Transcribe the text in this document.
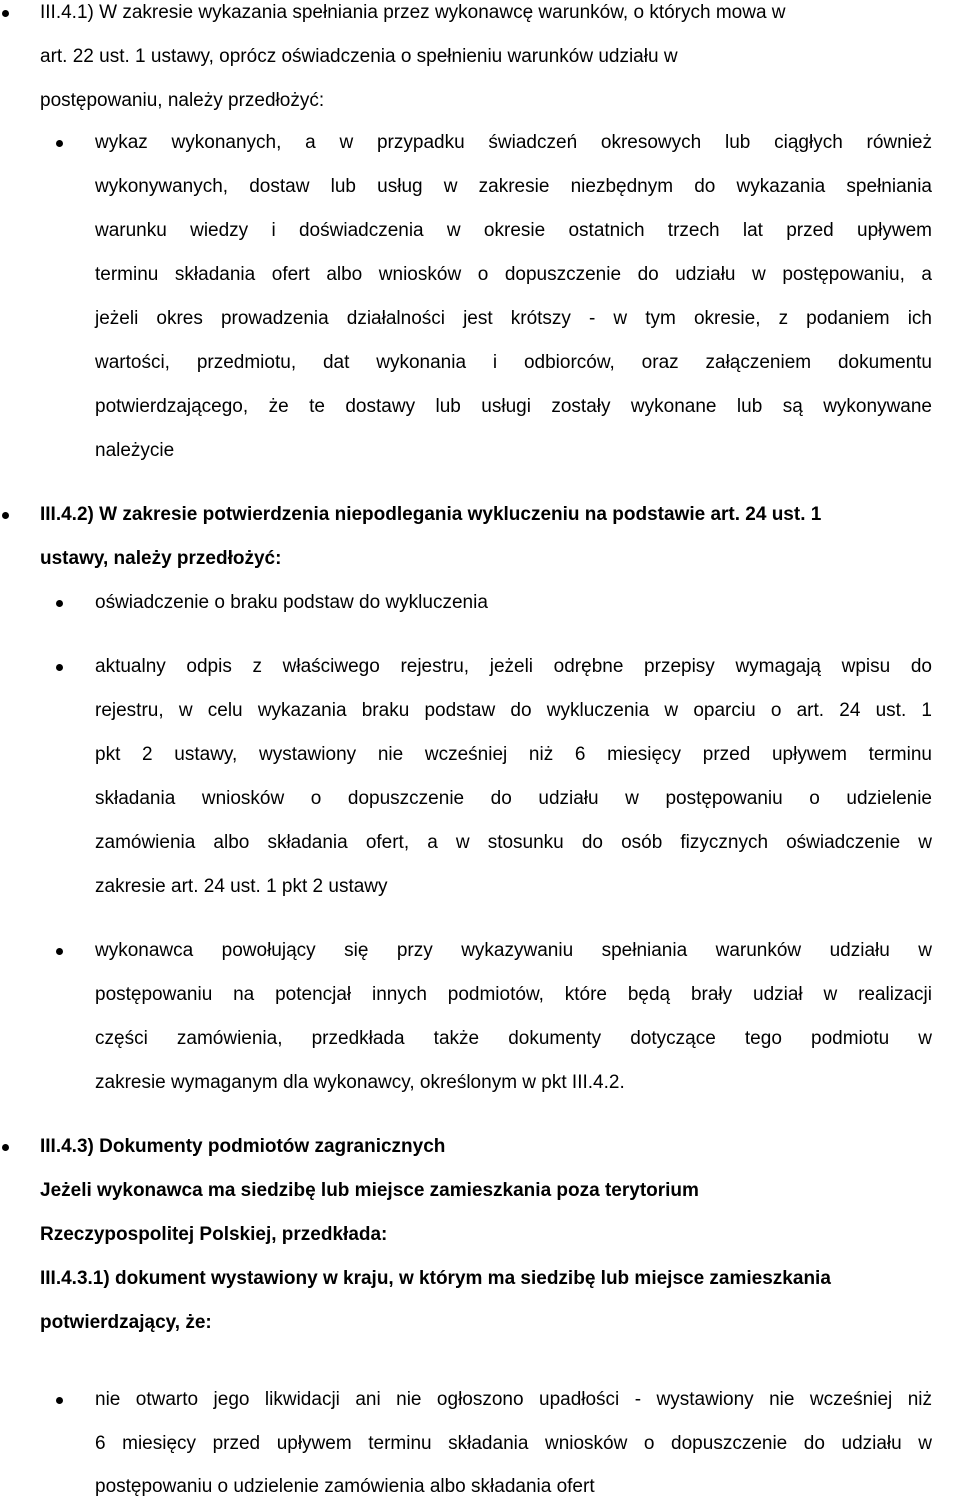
III.4.1) W zakresie wykazania spełniania przez wykonawcę warunków, o których mowa w
art. 22 ust. 1 ustawy, oprócz oświadczenia o spełnieniu warunków udziału w
postępowaniu, należy przedłożyć:
wykaz wykonanych, a w przypadku świadczeń okresowych lub ciągłych również
wykonywanych, dostaw lub usług w zakresie niezbędnym do wykazania spełniania
warunku wiedzy i doświadczenia w okresie ostatnich trzech lat przed upływem
terminu składania ofert albo wniosków o dopuszczenie do udziału w postępowaniu, a
jeżeli okres prowadzenia działalności jest krótszy - w tym okresie, z podaniem ich
wartości, przedmiotu, dat wykonania i odbiorców, oraz załączeniem dokumentu
potwierdzającego, że te dostawy lub usługi zostały wykonane lub są wykonywane
należycie
III.4.2) W zakresie potwierdzenia niepodlegania wykluczeniu na podstawie art. 24 ust. 1
ustawy, należy przedłożyć:
oświadczenie o braku podstaw do wykluczenia
aktualny odpis z właściwego rejestru, jeżeli odrębne przepisy wymagają wpisu do
rejestru, w celu wykazania braku podstaw do wykluczenia w oparciu o art. 24 ust. 1
pkt 2 ustawy, wystawiony nie wcześniej niż 6 miesięcy przed upływem terminu
składania wniosków o dopuszczenie do udziału w postępowaniu o udzielenie
zamówienia albo składania ofert, a w stosunku do osób fizycznych oświadczenie w
zakresie art. 24 ust. 1 pkt 2 ustawy
wykonawca powołujący się przy wykazywaniu spełniania warunków udziału w
postępowaniu na potencjał innych podmiotów, które będą brały udział w realizacji
części zamówienia, przedkłada także dokumenty dotyczące tego podmiotu w
zakresie wymaganym dla wykonawcy, określonym w pkt III.4.2.
III.4.3) Dokumenty podmiotów zagranicznych
Jeżeli wykonawca ma siedzibę lub miejsce zamieszkania poza terytorium
Rzeczypospolitej Polskiej, przedkłada:
III.4.3.1) dokument wystawiony w kraju, w którym ma siedzibę lub miejsce zamieszkania
potwierdzający, że:
nie otwarto jego likwidacji ani nie ogłoszono upadłości - wystawiony nie wcześniej niż
6 miesięcy przed upływem terminu składania wniosków o dopuszczenie do udziału w
postępowaniu o udzielenie zamówienia albo składania ofert
